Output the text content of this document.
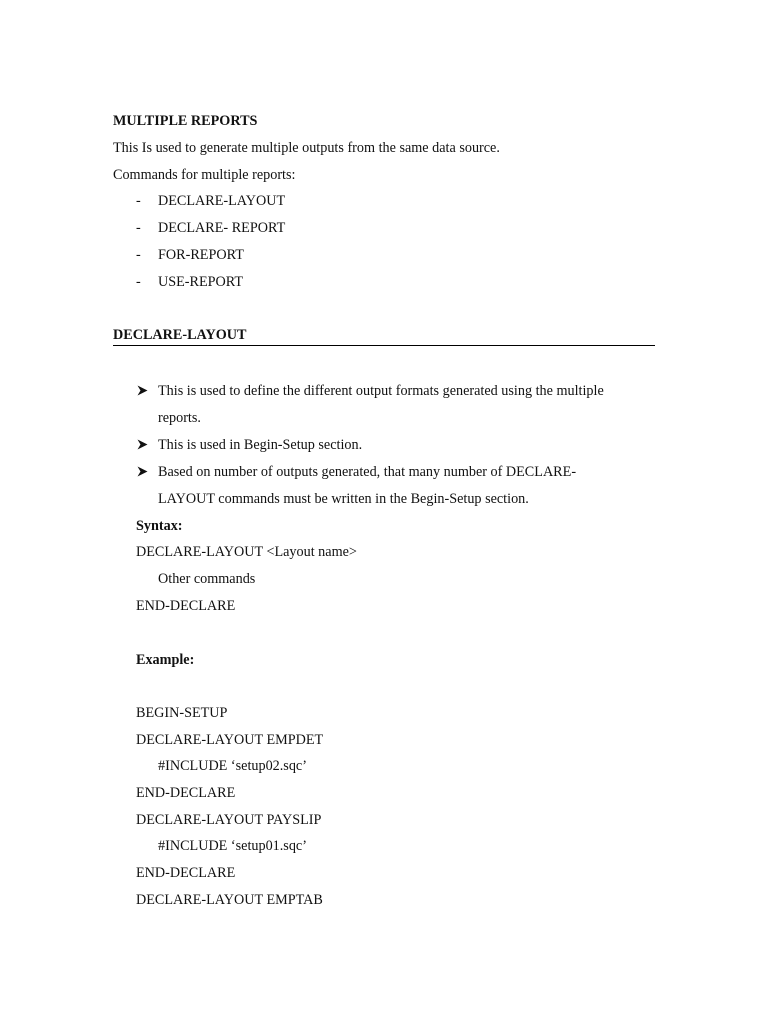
MULTIPLE REPORTS
This Is used to generate multiple outputs from the same data source.
Commands for multiple reports:
- DECLARE-LAYOUT
- DECLARE- REPORT
- FOR-REPORT
- USE-REPORT
DECLARE-LAYOUT
This is used to define the different output formats generated using the multiple
reports.
This is used in Begin-Setup section.
Based on number of outputs generated, that many number of DECLARE-
LAYOUT commands must be written in the Begin-Setup section.
Syntax:
DECLARE-LAYOUT <Layout name>
Other commands
END-DECLARE
Example:
BEGIN-SETUP
DECLARE-LAYOUT EMPDET
#INCLUDE ‘setup02.sqc’
END-DECLARE
DECLARE-LAYOUT PAYSLIP
#INCLUDE ‘setup01.sqc’
END-DECLARE
DECLARE-LAYOUT EMPTAB
